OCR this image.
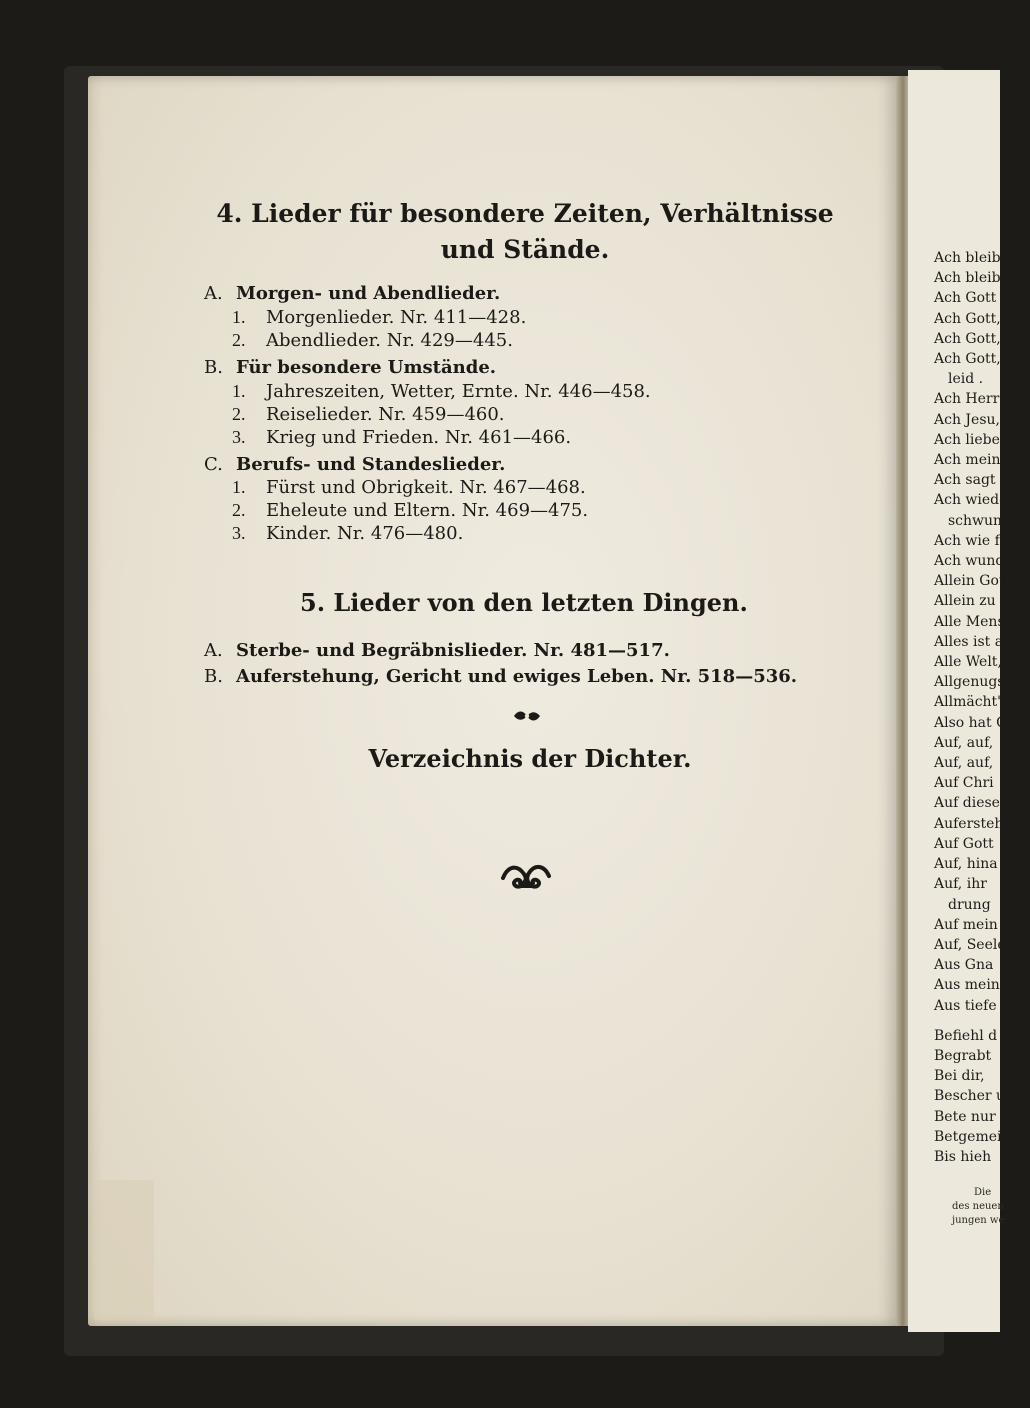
Ach bleib b
Ach bleib m
Ach Gott u
Ach Gott,
Ach Gott,
Ach Gott, w
leid .
Ach Herre,
Ach Jesu,
Ach lieber
Ach mein
Ach sagt m
Ach wieder
schwund
Ach wie flüch
Ach wunder
Allein Gott
Allein zu
Alle Mensch
Alles ist a
Alle Welt,
Allgenugsa
Allmächt'g
Also hat G
Auf, auf,
Auf, auf,
Auf Chri
Auf diese
Auferstehu
Auf Gott
Auf, hina
Auf, ihr
drung
Auf mein
Auf, Seele
Aus Gna
Aus mein
Aus tiefe
Befiehl d
Begrabt
Bei dir,
Bescher u
Bete nur
Betgemei
Bis hieh
Die
des neuen
jungen we
4. Lieder für besondere Zeiten, Verhältnisse
und Stände.
A. Morgen- und Abendlieder.
1. Morgenlieder. Nr. 411—428.
2. Abendlieder. Nr. 429—445.
B. Für besondere Umstände.
1. Jahreszeiten, Wetter, Ernte. Nr. 446—458.
2. Reiselieder. Nr. 459—460.
3. Krieg und Frieden. Nr. 461—466.
C. Berufs- und Standeslieder.
1. Fürst und Obrigkeit. Nr. 467—468.
2. Eheleute und Eltern. Nr. 469—475.
3. Kinder. Nr. 476—480.
5. Lieder von den letzten Dingen.
A. Sterbe- und Begräbnislieder. Nr. 481—517.
B. Auferstehung, Gericht und ewiges Leben. Nr. 518—536.
Verzeichnis der Dichter.
